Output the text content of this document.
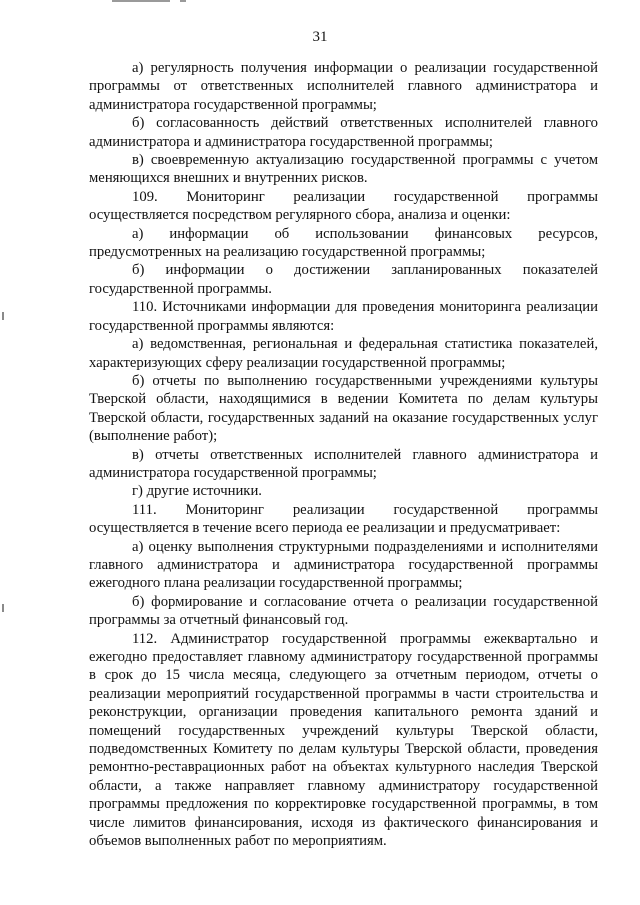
31

а) регулярность получения информации о реализации государственной программы от ответственных исполнителей главного администратора и администратора государственной программы;

б) согласованность действий ответственных исполнителей главного администратора и администратора государственной программы;

в) своевременную актуализацию государственной программы с учетом меняющихся внешних и внутренних рисков.

109. Мониторинг реализации государственной программы осуществляется посредством регулярного сбора, анализа и оценки:

а) информации об использовании финансовых ресурсов, предусмотренных на реализацию государственной программы;

б) информации о достижении запланированных показателей государственной программы.

110. Источниками информации для проведения мониторинга реализации государственной программы являются:

а) ведомственная, региональная и федеральная статистика показателей, характеризующих сферу реализации государственной программы;

б) отчеты по выполнению государственными учреждениями культуры Тверской области, находящимися в ведении Комитета по делам культуры Тверской области, государственных заданий на оказание государственных услуг (выполнение работ);

в) отчеты ответственных исполнителей главного администратора и администратора государственной программы;

г) другие источники.

111. Мониторинг реализации государственной программы осуществляется в течение всего периода ее реализации и предусматривает:

а) оценку выполнения структурными подразделениями и исполнителями главного администратора и администратора государственной программы ежегодного плана реализации государственной программы;

б) формирование и согласование отчета о реализации государственной программы за отчетный финансовый год.

112. Администратор государственной программы ежеквартально и ежегодно предоставляет главному администратору государственной программы в срок до 15 числа месяца, следующего за отчетным периодом, отчеты о реализации мероприятий государственной программы в части строительства и реконструкции, организации проведения капитального ремонта зданий и помещений государственных учреждений культуры Тверской области, подведомственных Комитету по делам культуры Тверской области, проведения ремонтно-реставрационных работ на объектах культурного наследия Тверской области, а также направляет главному администратору государственной программы предложения по корректировке государственной программы, в том числе лимитов финансирования, исходя из фактического финансирования и объемов выполненных работ по мероприятиям.
